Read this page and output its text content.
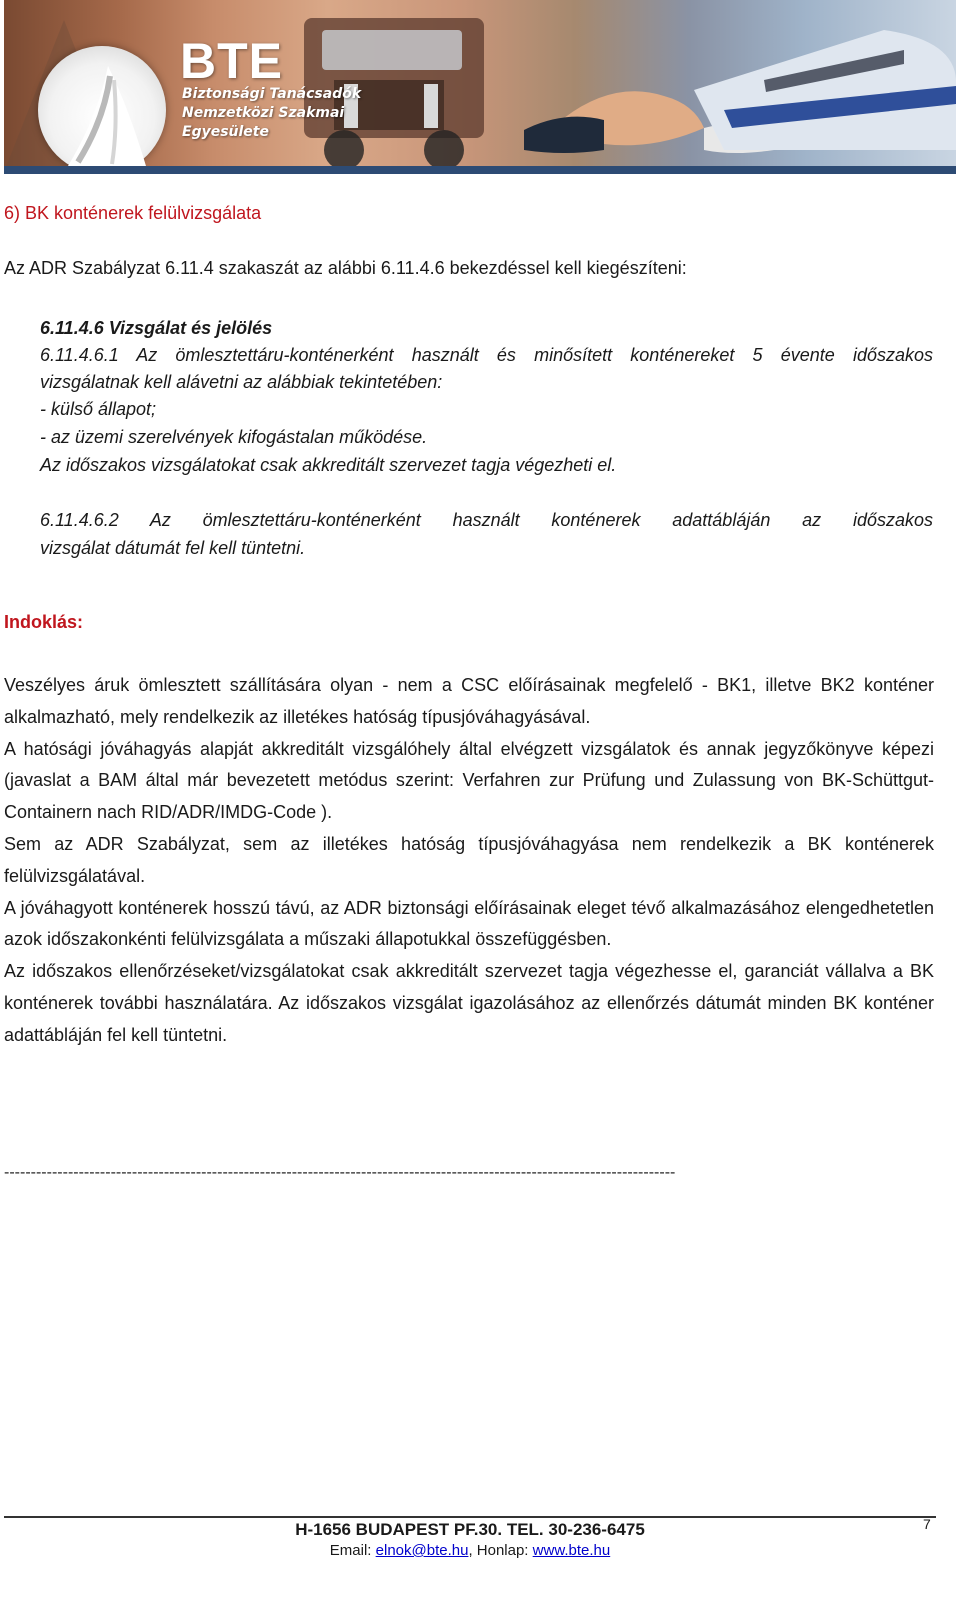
BTE
Biztonsági Tanácsadók
Nemzetközi Szakmai
Egyesülete
6) BK konténerek felülvizsgálata
Az ADR Szabályzat 6.11.4 szakaszát az alábbi 6.11.4.6 bekezdéssel kell kiegészíteni:
6.11.4.6 Vizsgálat és jelölés
6.11.4.6.1 Az ömlesztettáru-konténerként használt és minősített konténereket 5 évente időszakos
vizsgálatnak kell alávetni az alábbiak tekintetében:
- külső állapot;
- az üzemi szerelvények kifogástalan működése.
Az időszakos vizsgálatokat csak akkreditált szervezet tagja végezheti el.
6.11.4.6.2 Az ömlesztettáru-konténerként használt konténerek adattábláján az időszakos
vizsgálat dátumát fel kell tüntetni.
Indoklás:

Veszélyes áruk ömlesztett szállítására olyan - nem a CSC előírásainak megfelelő - BK1, illetve BK2 konténer alkalmazható, mely rendelkezik az illetékes hatóság típusjóváhagyásával.

A hatósági jóváhagyás alapját akkreditált vizsgálóhely által elvégzett vizsgálatok és annak jegyzőkönyve képezi (javaslat a BAM által már bevezetett metódus szerint: Verfahren zur Prüfung und Zulassung von BK-Schüttgut-Containern nach RID/ADR/IMDG-Code ).

Sem az ADR Szabályzat, sem az illetékes hatóság típusjóváhagyása nem rendelkezik a BK konténerek felülvizsgálatával.

A jóváhagyott konténerek hosszú távú, az ADR biztonsági előírásainak eleget tévő alkalmazásához elengedhetetlen azok időszakonkénti felülvizsgálata a műszaki állapotukkal összefüggésben.

Az időszakos ellenőrzéseket/vizsgálatokat csak akkreditált szervezet tagja végezhesse el, garanciát vállalva a BK konténerek további használatára. Az időszakos vizsgálat igazolásához az ellenőrzés dátumát minden BK konténer adattábláján fel kell tüntetni.

------------------------------------------------------------------------------------------------------------------------------
7
H-1656 BUDAPEST PF.30. TEL. 30-236-6475
Email: elnok@bte.hu, Honlap: www.bte.hu
